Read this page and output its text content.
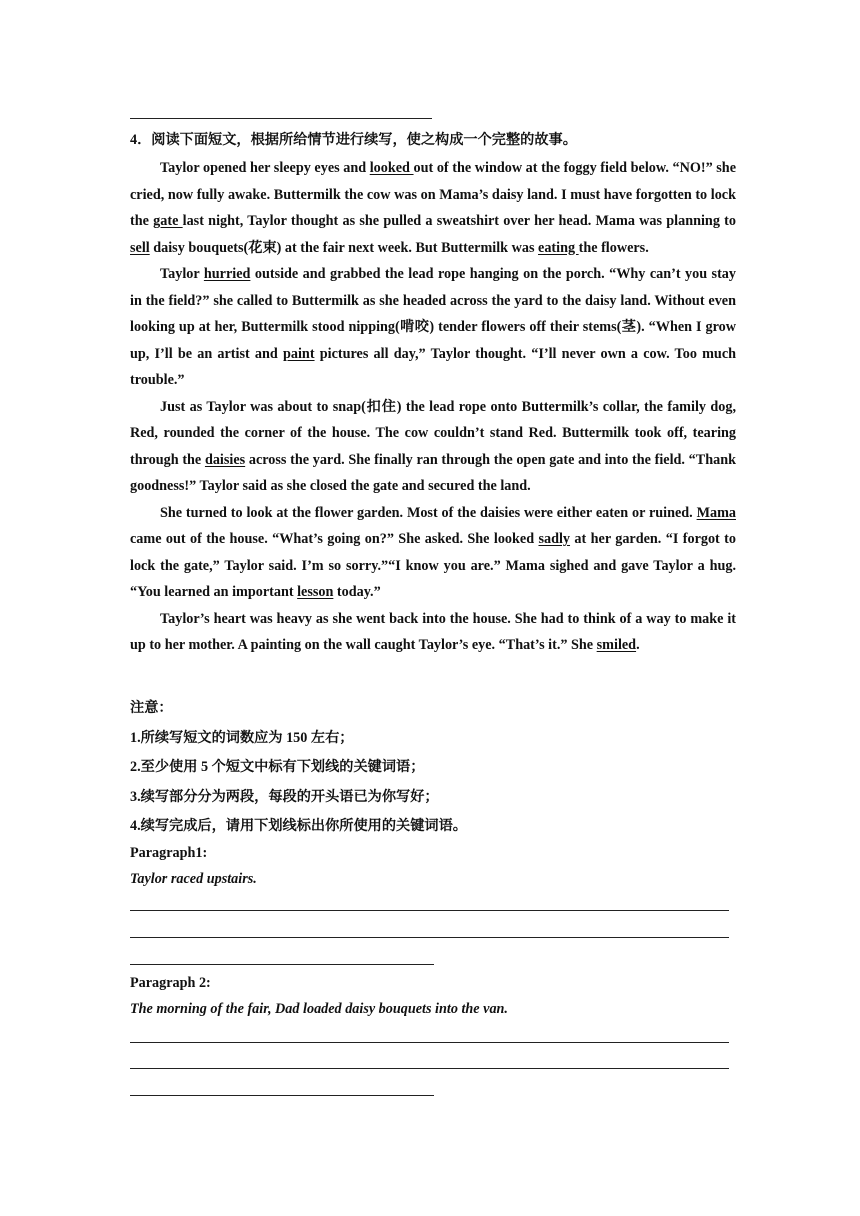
4．阅读下面短文，根据所给情节进行续写，使之构成一个完整的故事。

Taylor opened her sleepy eyes and looked out of the window at the foggy field below. “NO!” she cried, now fully awake. Buttermilk the cow was on Mama’s daisy land. I must have forgotten to lock the gate last night, Taylor thought as she pulled a sweatshirt over her head. Mama was planning to sell daisy bouquets(花束) at the fair next week. But Buttermilk was eating the flowers.

Taylor hurried outside and grabbed the lead rope hanging on the porch. “Why can’t you stay in the field?” she called to Buttermilk as she headed across the yard to the daisy land. Without even looking up at her, Buttermilk stood nipping(啃咬) tender flowers off their stems(茎). “When I grow up, I’ll be an artist and paint pictures all day,” Taylor thought. “I’ll never own a cow. Too much trouble.”

Just as Taylor was about to snap(扣住) the lead rope onto Buttermilk’s collar, the family dog, Red, rounded the corner of the house. The cow couldn’t stand Red. Buttermilk took off, tearing through the daisies across the yard. She finally ran through the open gate and into the field. “Thank goodness!” Taylor said as she closed the gate and secured the land.

She turned to look at the flower garden. Most of the daisies were either eaten or ruined. Mama came out of the house. “What’s going on?” She asked. She looked sadly at her garden. “I forgot to lock the gate,” Taylor said. I’m so sorry.”“I know you are.” Mama sighed and gave Taylor a hug. “You learned an important lesson today.”

Taylor’s heart was heavy as she went back into the house. She had to think of a way to make it up to her mother. A painting on the wall caught Taylor’s eye. “That’s it.” She smiled.

注意：
1.所续写短文的词数应为 150 左右；
2.至少使用 5 个短文中标有下划线的关键词语；
3.续写部分分为两段，每段的开头语已为你写好；
4.续写完成后，请用下划线标出你所使用的关键词语。
Paragraph1:
Taylor raced upstairs.
Paragraph 2:
The morning of the fair, Dad loaded daisy bouquets into the van.
